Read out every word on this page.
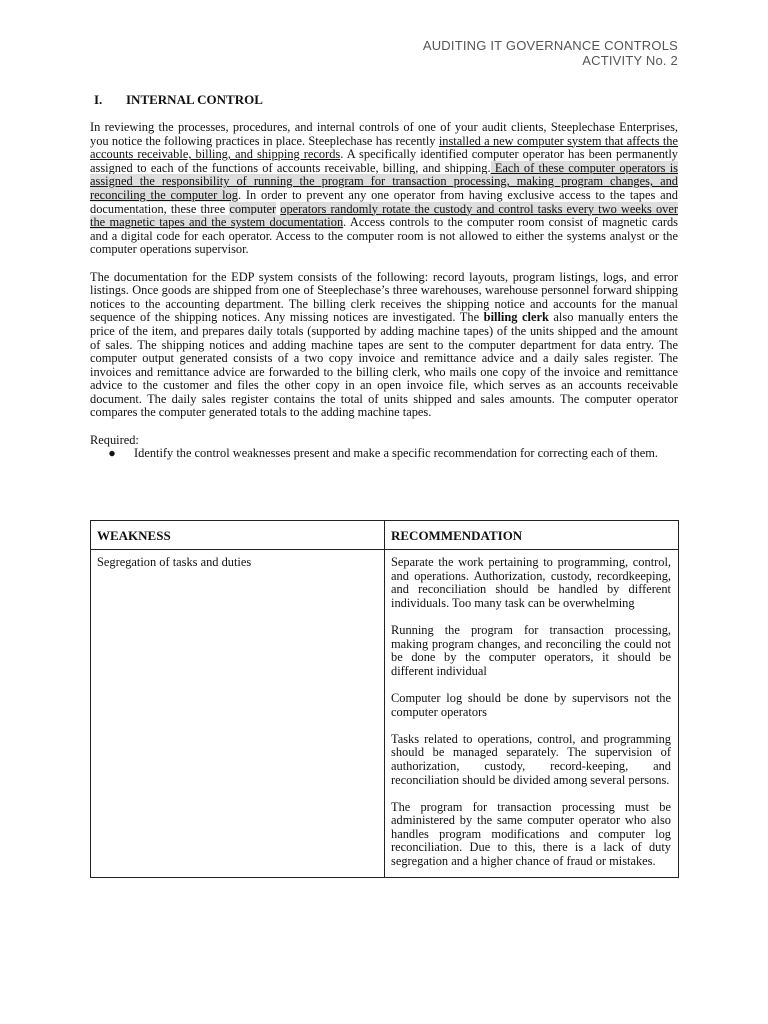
AUDITING IT GOVERNANCE CONTROLS
ACTIVITY No. 2
I.	INTERNAL CONTROL

In reviewing the processes, procedures, and internal controls of one of your audit clients, Steeplechase Enterprises, you notice the following practices in place. Steeplechase has recently installed a new computer system that affects the accounts receivable, billing, and shipping records. A specifically identified computer operator has been permanently assigned to each of the functions of accounts receivable, billing, and shipping. Each of these computer operators is assigned the responsibility of running the program for transaction processing, making program changes, and reconciling the computer log. In order to prevent any one operator from having exclusive access to the tapes and documentation, these three computer operators randomly rotate the custody and control tasks every two weeks over the magnetic tapes and the system documentation. Access controls to the computer room consist of magnetic cards and a digital code for each operator. Access to the computer room is not allowed to either the systems analyst or the computer operations supervisor.

The documentation for the EDP system consists of the following: record layouts, program listings, logs, and error listings. Once goods are shipped from one of Steeplechase’s three warehouses, warehouse personnel forward shipping notices to the accounting department. The billing clerk receives the shipping notice and accounts for the manual sequence of the shipping notices. Any missing notices are investigated. The billing clerk also manually enters the price of the item, and prepares daily totals (supported by adding machine tapes) of the units shipped and the amount of sales. The shipping notices and adding machine tapes are sent to the computer department for data entry. The computer output generated consists of a two copy invoice and remittance advice and a daily sales register. The invoices and remittance advice are forwarded to the billing clerk, who mails one copy of the invoice and remittance advice to the customer and files the other copy in an open invoice file, which serves as an accounts receivable document. The daily sales register contains the total of units shipped and sales amounts. The computer operator compares the computer generated totals to the adding machine tapes.

Required:

●	Identify the control weaknesses present and make a specific recommendation for correcting each of them.
WEAKNESS	RECOMMENDATION
Segregation of tasks and duties	Separate the work pertaining to programming, control, and operations. Authorization, custody, recordkeeping, and reconciliation should be handled by different individuals. Too many task can be overwhelming

Running the program for transaction processing, making program changes, and reconciling the could not be done by the computer operators, it should be different individual

Computer log should be done by supervisors not the computer operators

Tasks related to operations, control, and programming should be managed separately. The supervision of authorization, custody, record-keeping, and reconciliation should be divided among several persons.

The program for transaction processing must be administered by the same computer operator who also handles program modifications and computer log reconciliation. Due to this, there is a lack of duty segregation and a higher chance of fraud or mistakes.
